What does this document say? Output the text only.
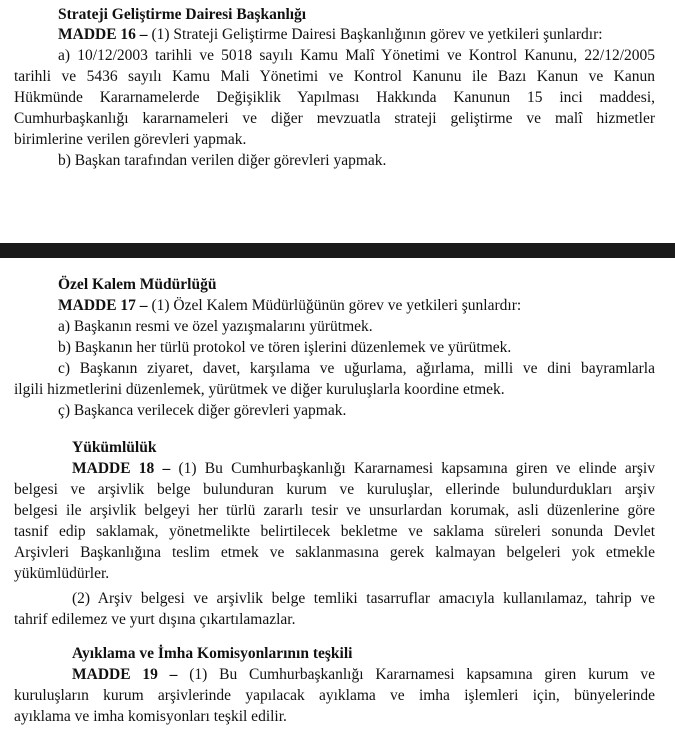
Strateji Geliştirme Dairesi Başkanlığı
MADDE 16 – (1) Strateji Geliştirme Dairesi Başkanlığının görev ve yetkileri şunlardır:
a) 10/12/2003 tarihli ve 5018 sayılı Kamu Malî Yönetimi ve Kontrol Kanunu, 22/12/2005
tarihli ve 5436 sayılı Kamu Mali Yönetimi ve Kontrol Kanunu ile Bazı Kanun ve Kanun
Hükmünde Kararnamelerde Değişiklik Yapılması Hakkında Kanunun 15 inci maddesi,
Cumhurbaşkanlığı kararnameleri ve diğer mevzuatla strateji geliştirme ve malî hizmetler
birimlerine verilen görevleri yapmak.
b) Başkan tarafından verilen diğer görevleri yapmak.
Özel Kalem Müdürlüğü
MADDE 17 – (1) Özel Kalem Müdürlüğünün görev ve yetkileri şunlardır:
a) Başkanın resmi ve özel yazışmalarını yürütmek.
b) Başkanın her türlü protokol ve tören işlerini düzenlemek ve yürütmek.
c) Başkanın ziyaret, davet, karşılama ve uğurlama, ağırlama, milli ve dini bayramlarla
ilgili hizmetlerini düzenlemek, yürütmek ve diğer kuruluşlarla koordine etmek.
ç) Başkanca verilecek diğer görevleri yapmak.
Yükümlülük
MADDE 18 – (1) Bu Cumhurbaşkanlığı Kararnamesi kapsamına giren ve elinde arşiv
belgesi ve arşivlik belge bulunduran kurum ve kuruluşlar, ellerinde bulundurdukları arşiv
belgesi ile arşivlik belgeyi her türlü zararlı tesir ve unsurlardan korumak, asli düzenlerine göre
tasnif edip saklamak, yönetmelikte belirtilecek bekletme ve saklama süreleri sonunda Devlet
Arşivleri Başkanlığına teslim etmek ve saklanmasına gerek kalmayan belgeleri yok etmekle
yükümlüdürler.
(2) Arşiv belgesi ve arşivlik belge temliki tasarruflar amacıyla kullanılamaz, tahrip ve
tahrif edilemez ve yurt dışına çıkartılamazlar.
Ayıklama ve İmha Komisyonlarının teşkili
MADDE 19 – (1) Bu Cumhurbaşkanlığı Kararnamesi kapsamına giren kurum ve
kuruluşların kurum arşivlerinde yapılacak ayıklama ve imha işlemleri için, bünyelerinde
ayıklama ve imha komisyonları teşkil edilir.
